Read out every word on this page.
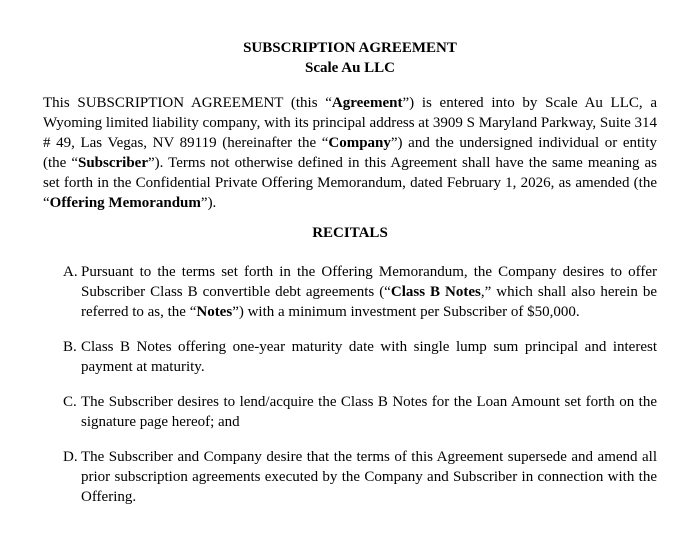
SUBSCRIPTION AGREEMENT
Scale Au LLC

This SUBSCRIPTION AGREEMENT (this “Agreement”) is entered into by Scale Au LLC, a Wyoming limited liability company, with its principal address at 3909 S Maryland Parkway, Suite 314 # 49, Las Vegas, NV 89119 (hereinafter the “Company”) and the undersigned individual or entity (the “Subscriber”). Terms not otherwise defined in this Agreement shall have the same meaning as set forth in the Confidential Private Offering Memorandum, dated February 1, 2026, as amended (the “Offering Memorandum”).

RECITALS
A. Pursuant to the terms set forth in the Offering Memorandum, the Company desires to offer Subscriber Class B convertible debt agreements (“Class B Notes,” which shall also herein be referred to as, the “Notes”) with a minimum investment per Subscriber of $50,000.
B. Class B Notes offering one-year maturity date with single lump sum principal and interest payment at maturity.
C. The Subscriber desires to lend/acquire the Class B Notes for the Loan Amount set forth on the signature page hereof; and
D. The Subscriber and Company desire that the terms of this Agreement supersede and amend all prior subscription agreements executed by the Company and Subscriber in connection with the Offering.
